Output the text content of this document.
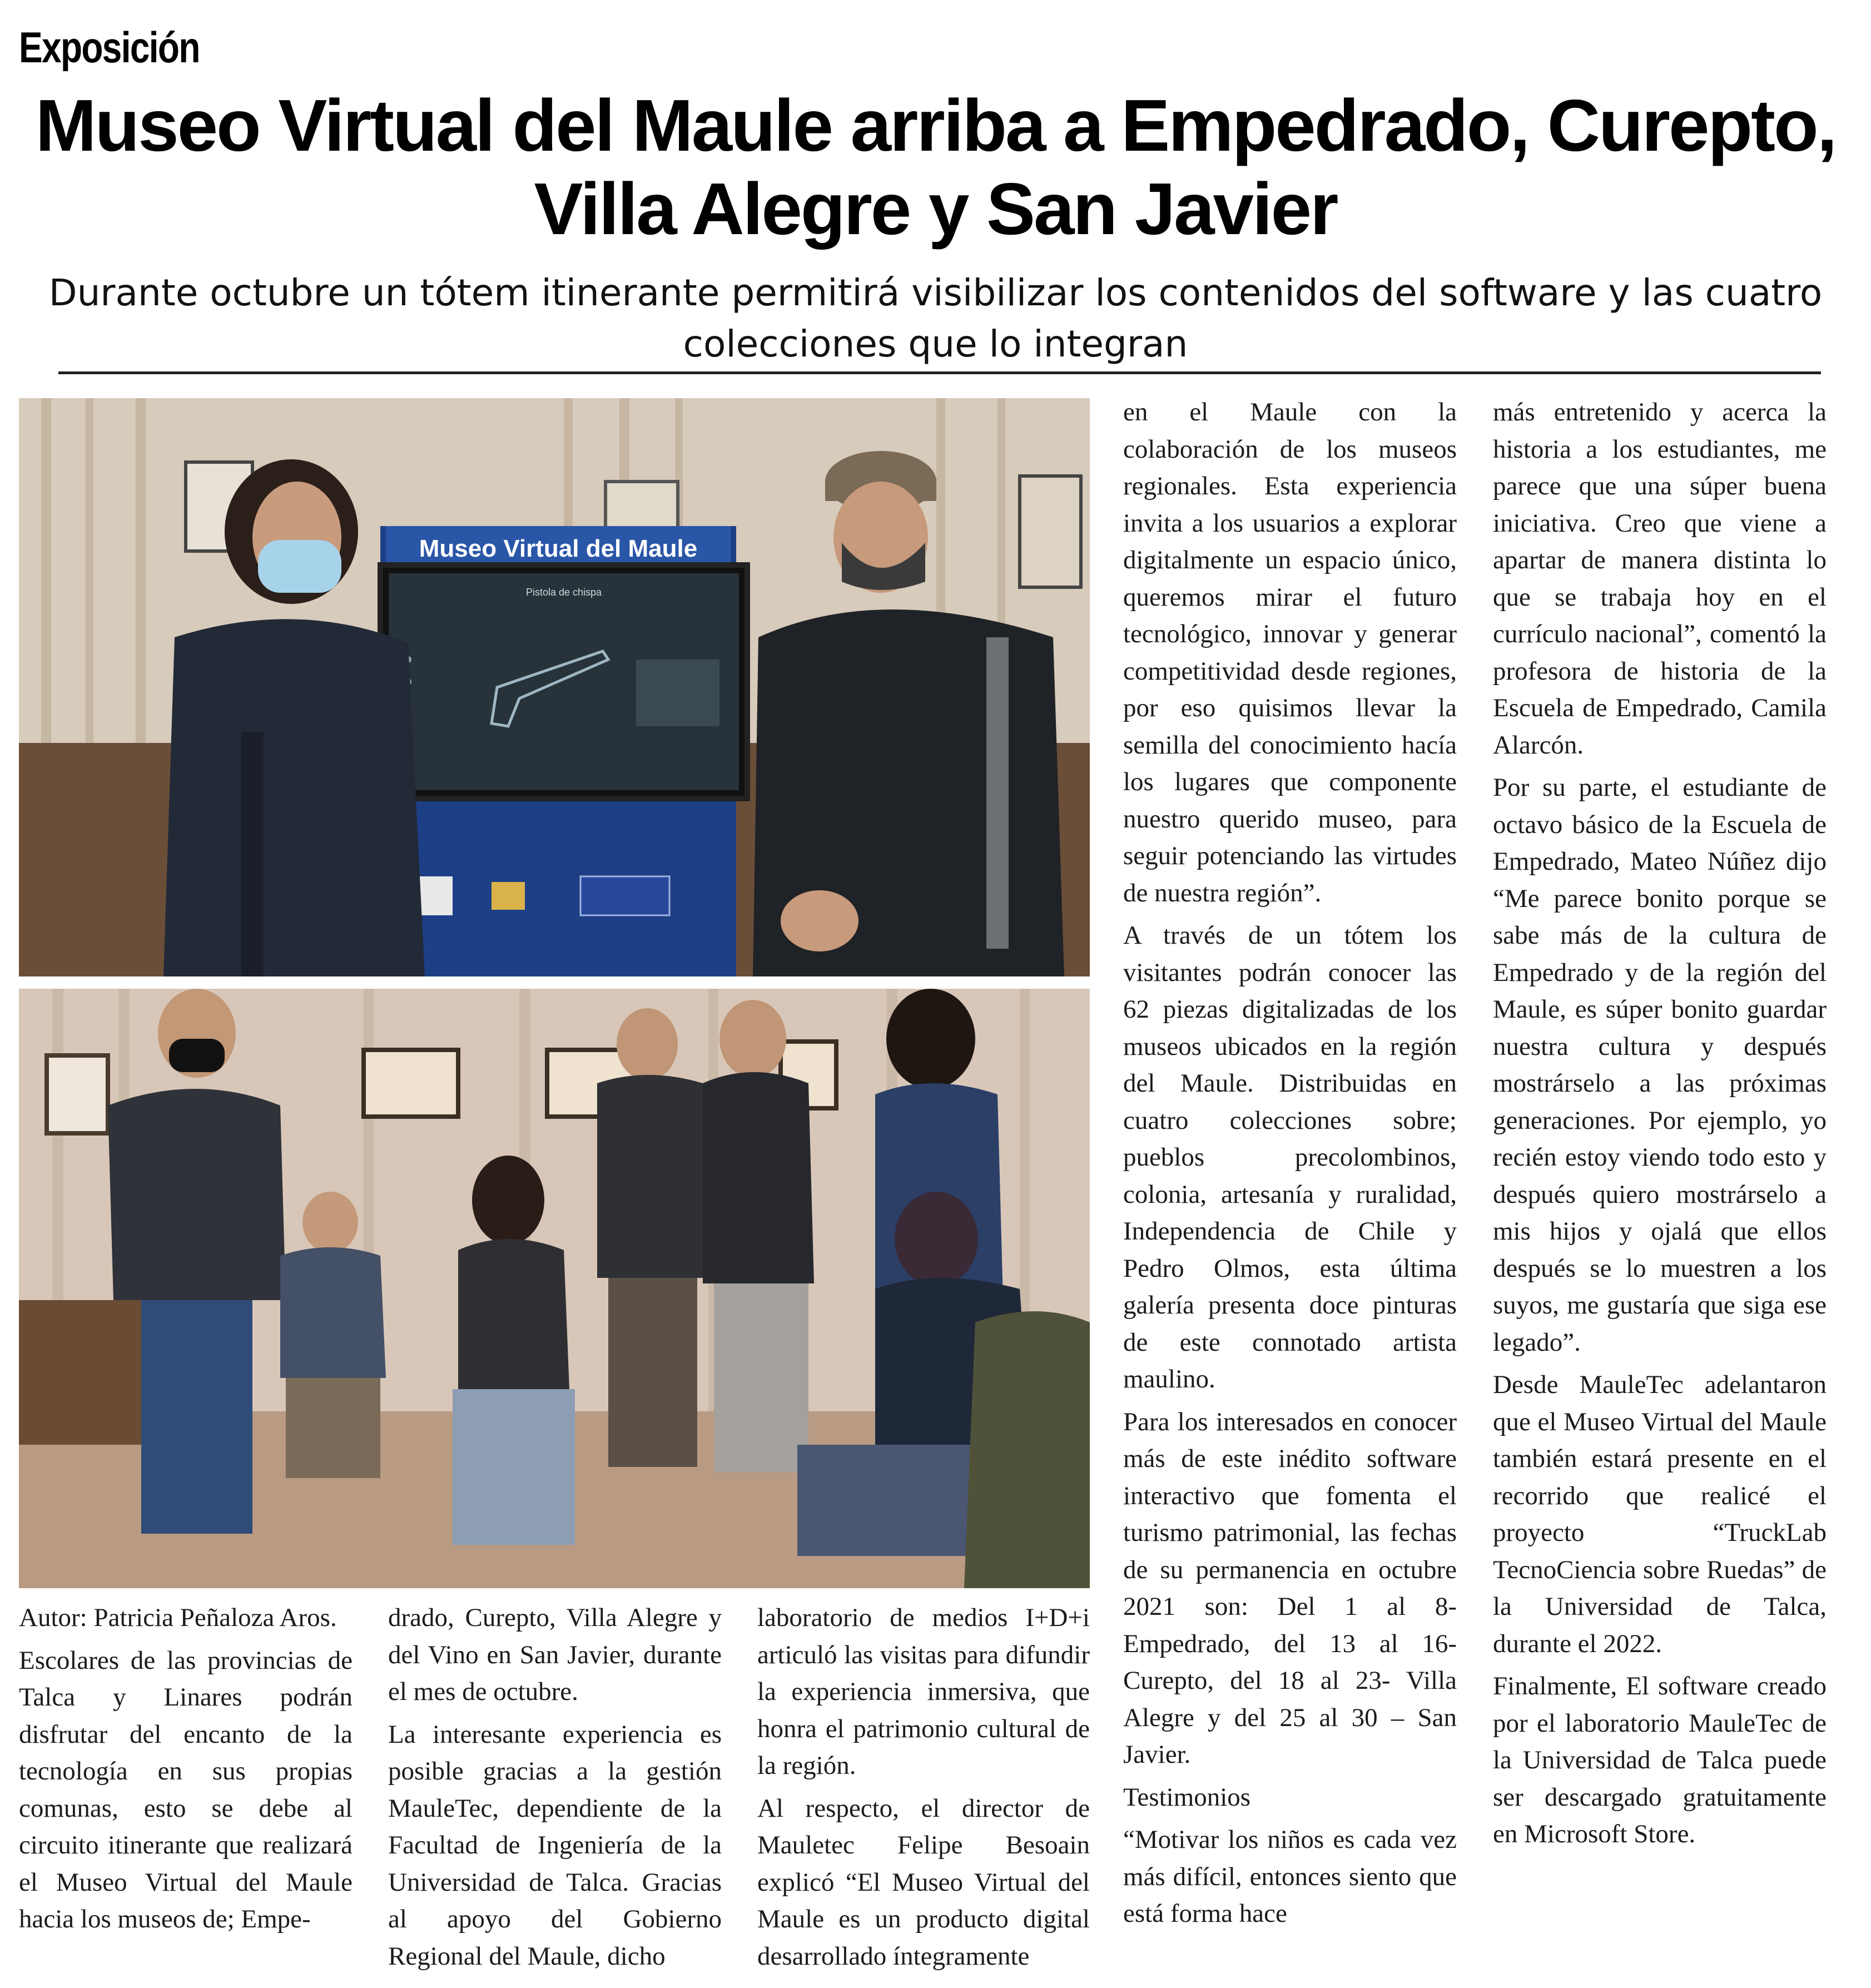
Exposición
Museo Virtual del Maule arriba a Empedrado, Curepto,
Villa Alegre y San Javier
Durante octubre un tótem itinerante permitirá visibilizar los contenidos del software y las cuatro
colecciones que lo integran
Museo Virtual del Maule
Pistola de chispa

Autor: Patricia Peñaloza Aros.

Escolares de las provincias de Talca y Linares podrán disfrutar del encanto de la tecnología en sus propias comunas, esto se debe al circuito itinerante que realizará el Museo Virtual del Maule hacia los museos de; Empe-

drado, Curepto, Villa Alegre y del Vino en San Javier, durante el mes de octubre.

La interesante experiencia es posible gracias a la gestión MauleTec, dependiente de la Facultad de Ingeniería de la Universidad de Talca. Gracias al apoyo del Gobierno Regional del Maule, dicho

laboratorio de medios I+D+i articuló las visitas para difundir la experiencia inmersiva, que honra el patrimonio cultural de la región.

Al respecto, el director de Mauletec Felipe Besoain explicó “El Museo Virtual del Maule es un producto digital desarrollado íntegramente

en el Maule con la colaboración de los museos regionales. Esta experiencia invita a los usuarios a explorar digitalmente un espacio único, queremos mirar el futuro tecnológico, innovar y generar competitividad desde regiones, por eso quisimos llevar la semilla del conocimiento hacía los lugares que componente nuestro querido museo, para seguir potenciando las virtudes de nuestra región”.

A través de un tótem los visitantes podrán conocer las 62 piezas digitalizadas de los museos ubicados en la región del Maule. Distribuidas en cuatro colecciones sobre; pueblos precolombinos, colonia, artesanía y ruralidad, Independencia de Chile y Pedro Olmos, esta última galería presenta doce pinturas de este connotado artista maulino.

Para los interesados en conocer más de este inédito software interactivo que fomenta el turismo patrimonial, las fechas de su permanencia en octubre 2021 son: Del 1 al 8- Empedrado, del 13 al 16- Curepto, del 18 al 23- Villa Alegre y del 25 al 30 – San Javier.

Testimonios

“Motivar los niños es cada vez más difícil, entonces siento que está forma hace

más entretenido y acerca la historia a los estudiantes, me parece que una súper buena iniciativa. Creo que viene a apartar de manera distinta lo que se trabaja hoy en el currículo nacional”, comentó la profesora de historia de la Escuela de Empedrado, Camila Alarcón.

Por su parte, el estudiante de octavo básico de la Escuela de Empedrado, Mateo Núñez dijo “Me parece bonito porque se sabe más de la cultura de Empedrado y de la región del Maule, es súper bonito guardar nuestra cultura y después mostrárselo a las próximas generaciones. Por ejemplo, yo recién estoy viendo todo esto y después quiero mostrárselo a mis hijos y ojalá que ellos después se lo muestren a los suyos, me gustaría que siga ese legado”.

Desde MauleTec adelantaron que el Museo Virtual del Maule también estará presente en el recorrido que realicé el proyecto “TruckLab TecnoCiencia sobre Ruedas” de la Universidad de Talca, durante el 2022.

Finalmente, El software creado por el laboratorio MauleTec de la Universidad de Talca puede ser descargado gratuitamente en Microsoft Store.
